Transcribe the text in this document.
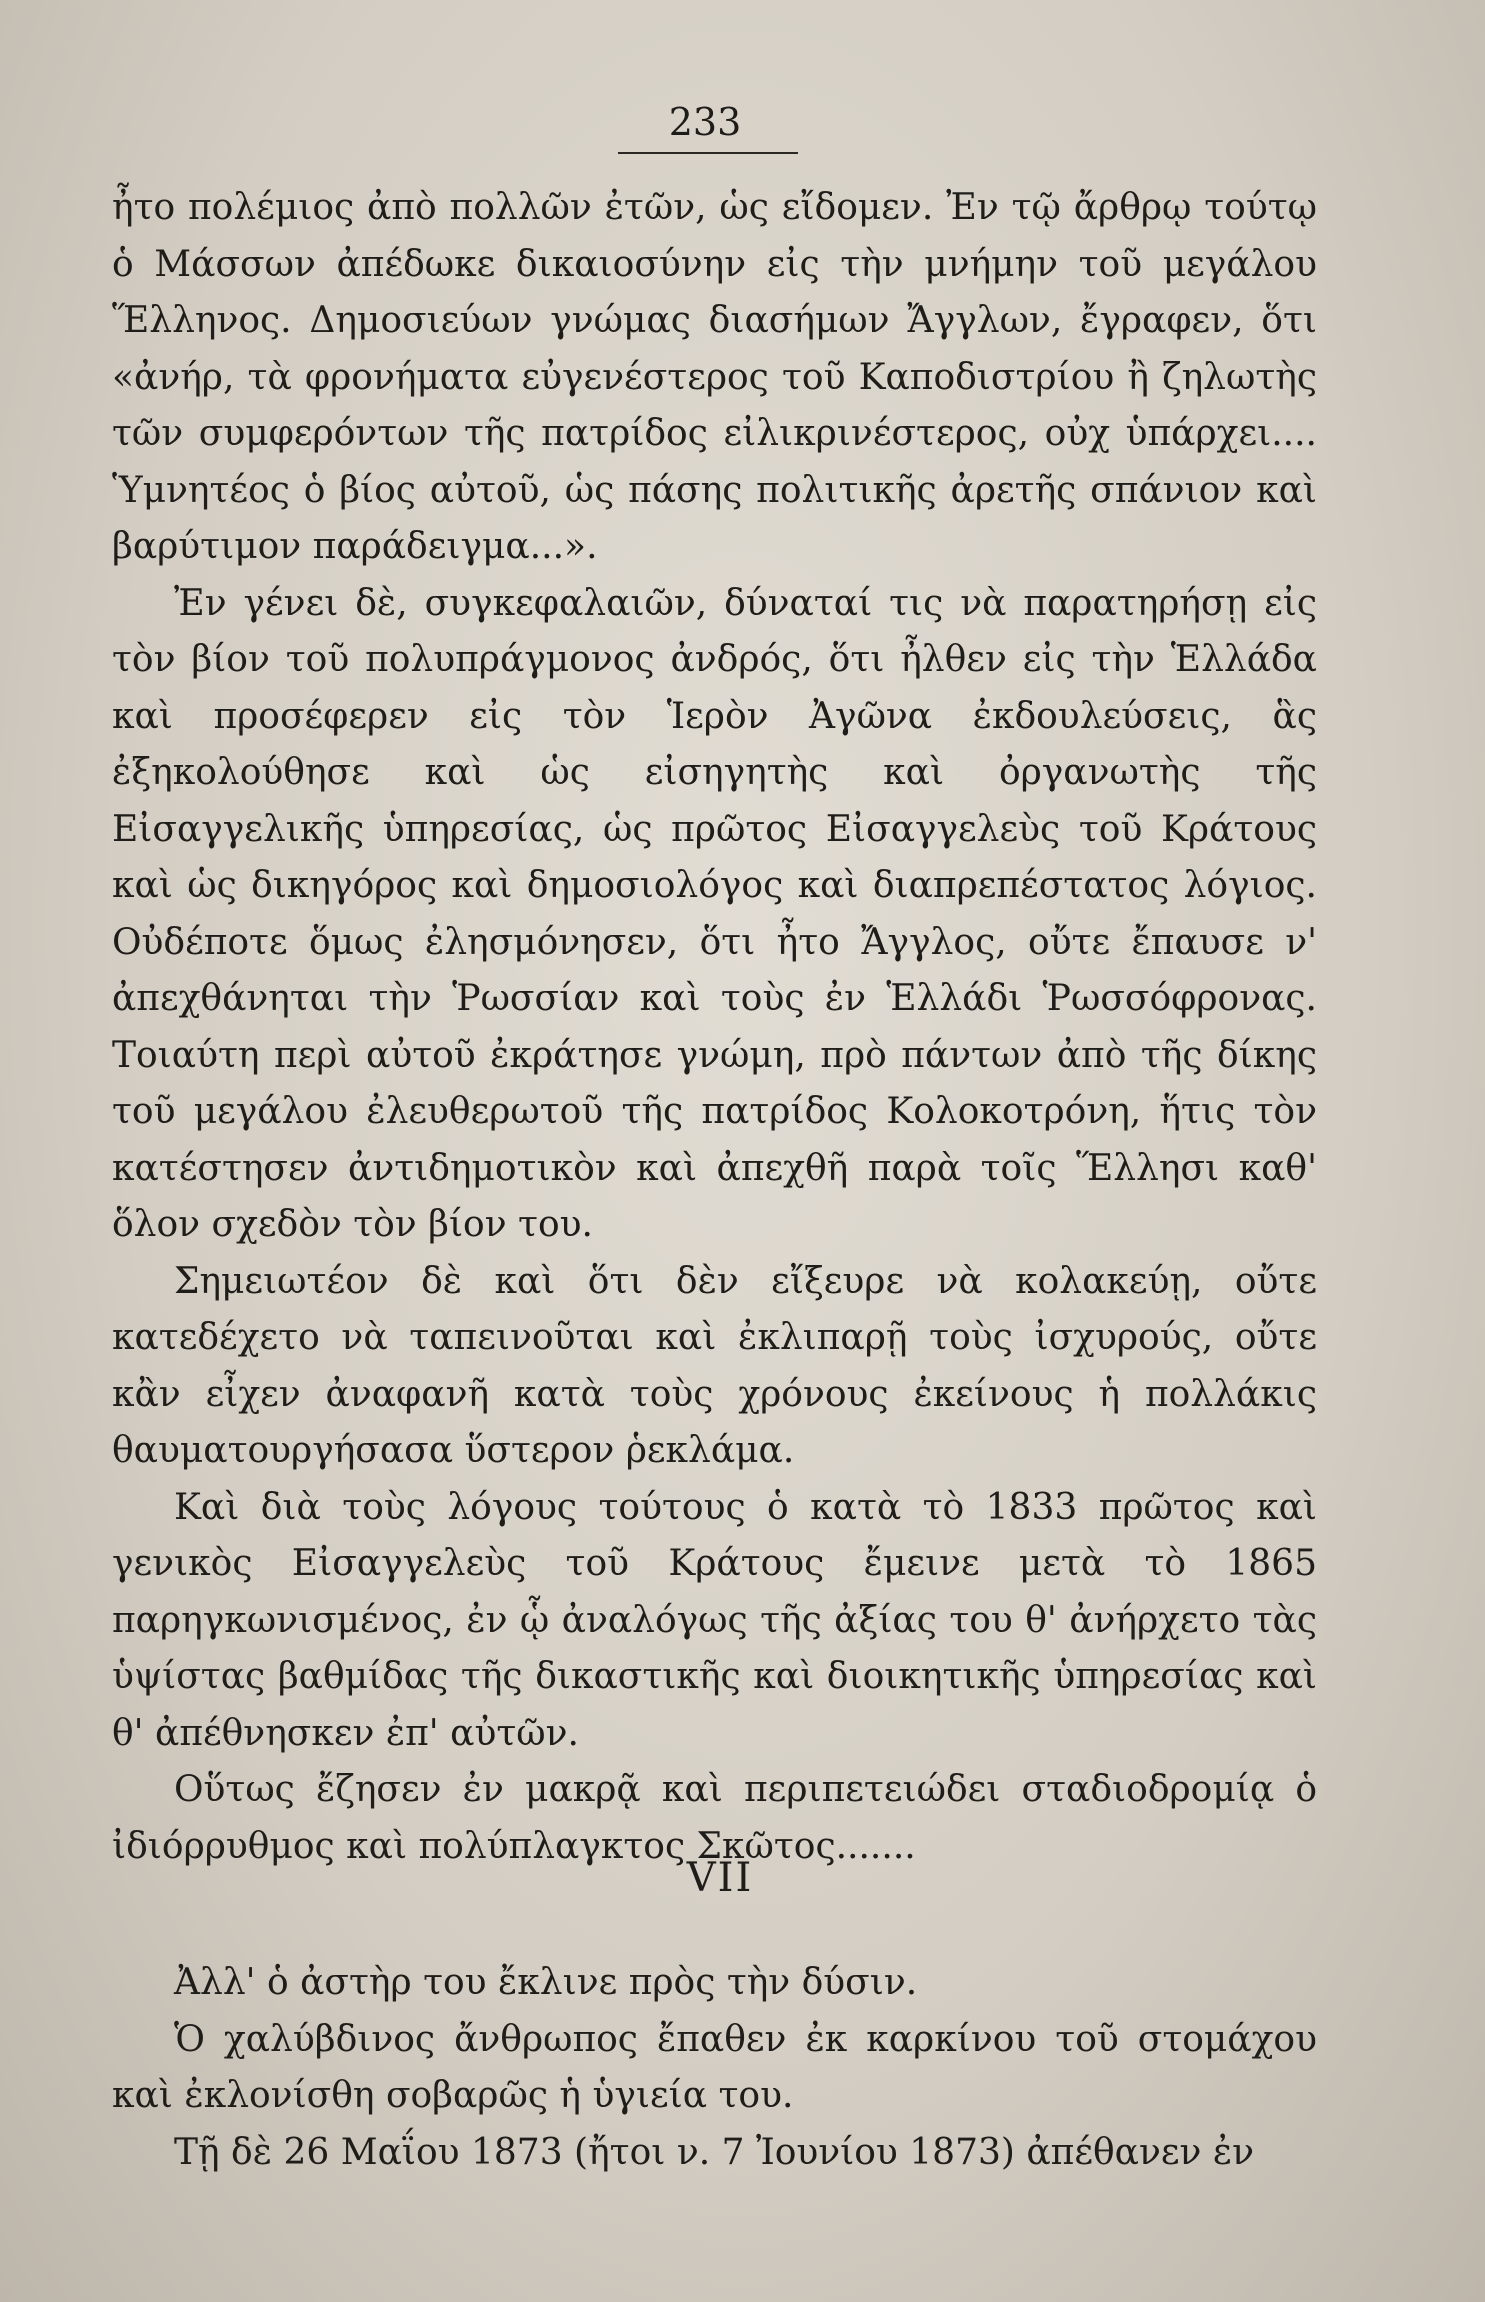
233

ἦτο πολέμιος ἀπὸ πολλῶν ἐτῶν, ὡς εἴδομεν. Ἐν τῷ ἄρθρῳ τούτῳ ὁ Μάσσων ἀπέδωκε δικαιοσύνην εἰς τὴν μνήμην τοῦ μεγάλου Ἕλληνος. Δημοσιεύων γνώμας διασήμων Ἄγγλων, ἔγραφεν, ὅτι «ἀνήρ, τὰ φρονήματα εὐγενέστερος τοῦ Καποδιστρίου ἢ ζηλωτὴς τῶν συμφερόντων τῆς πατρίδος εἰλικρινέστερος, οὐχ ὑπάρχει.... Ὑμνητέος ὁ βίος αὐτοῦ, ὡς πάσης πολιτικῆς ἀρετῆς σπάνιον καὶ βαρύτιμον παράδειγμα...».

Ἐν γένει δὲ, συγκεφαλαιῶν, δύναταί τις νὰ παρατηρήσῃ εἰς τὸν βίον τοῦ πολυπράγμονος ἀνδρός, ὅτι ἦλθεν εἰς τὴν Ἑλλάδα καὶ προσέφερεν εἰς τὸν Ἱερὸν Ἀγῶνα ἐκδουλεύσεις, ἃς ἐξηκολούθησε καὶ ὡς εἰσηγητὴς καὶ ὀργανωτὴς τῆς Εἰσαγγελικῆς ὑπηρεσίας, ὡς πρῶτος Εἰσαγγελεὺς τοῦ Κράτους καὶ ὡς δικηγόρος καὶ δημοσιολόγος καὶ διαπρεπέστατος λόγιος. Οὐδέποτε ὅμως ἐλησμόνησεν, ὅτι ἦτο Ἄγγλος, οὔτε ἔπαυσε ν' ἀπεχθάνηται τὴν Ῥωσσίαν καὶ τοὺς ἐν Ἑλλάδι Ῥωσσόφρονας. Τοιαύτη περὶ αὐτοῦ ἐκράτησε γνώμη, πρὸ πάντων ἀπὸ τῆς δίκης τοῦ μεγάλου ἐλευθερωτοῦ τῆς πατρίδος Κολοκοτρόνη, ἥτις τὸν κατέστησεν ἀντιδημοτικὸν καὶ ἀπεχθῆ παρὰ τοῖς Ἕλλησι καθ' ὅλον σχεδὸν τὸν βίον του.

Σημειωτέον δὲ καὶ ὅτι δὲν εἴξευρε νὰ κολακεύῃ, οὔτε κατεδέχετο νὰ ταπεινοῦται καὶ ἐκλιπαρῇ τοὺς ἰσχυρούς, οὔτε κἂν εἶχεν ἀναφανῆ κατὰ τοὺς χρόνους ἐκείνους ἡ πολλάκις θαυματουργήσασα ὕστερον ῥεκλάμα.

Καὶ διὰ τοὺς λόγους τούτους ὁ κατὰ τὸ 1833 πρῶτος καὶ γενικὸς Εἰσαγγελεὺς τοῦ Κράτους ἔμεινε μετὰ τὸ 1865 παρηγκωνισμένος, ἐν ᾧ ἀναλόγως τῆς ἀξίας του θ' ἀνήρχετο τὰς ὑψίστας βαθμίδας τῆς δικαστικῆς καὶ διοικητικῆς ὑπηρεσίας καὶ θ' ἀπέθνησκεν ἐπ' αὐτῶν.

Οὕτως ἔζησεν ἐν μακρᾷ καὶ περιπετειώδει σταδιοδρομίᾳ ὁ ἰδιόρρυθμος καὶ πολύπλαγκτος Σκῶτος.......

VII

Ἀλλ' ὁ ἀστὴρ του ἔκλινε πρὸς τὴν δύσιν.

Ὁ χαλύβδινος ἄνθρωπος ἔπαθεν ἐκ καρκίνου τοῦ στομάχου καὶ ἐκλονίσθη σοβαρῶς ἡ ὑγιεία του.

Τῇ δὲ 26 Μαΐου 1873 (ἤτοι ν. 7 Ἰουνίου 1873) ἀπέθανεν ἐν
